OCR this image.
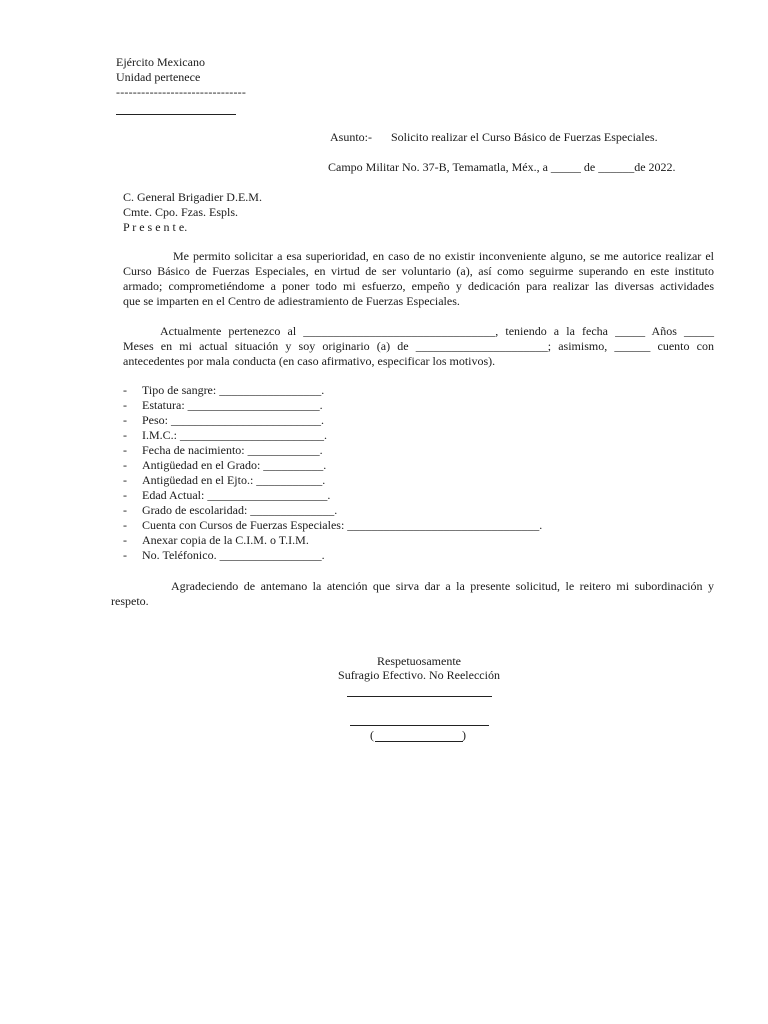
Ejército Mexicano
Unidad pertenece
-------------------------------
Asunto:- Solicito realizar el Curso Básico de Fuerzas Especiales.
Campo Militar No. 37-B, Temamatla, Méx., a _____ de ______de 2022.
C. General Brigadier D.E.M.
Cmte. Cpo. Fzas. Espls.
P r e s e n t e.
Me permito solicitar a esa superioridad, en caso de no existir inconveniente alguno, se me autorice realizar el
Curso Básico de Fuerzas Especiales, en virtud de ser voluntario (a), así como seguirme superando en este instituto
armado; comprometiéndome a poner todo mi esfuerzo, empeño y dedicación para realizar las diversas actividades
que se imparten en el Centro de adiestramiento de Fuerzas Especiales.
Actualmente pertenezco al ________________________________, teniendo a la fecha _____ Años _____
Meses en mi actual situación y soy originario (a) de ______________________; asimismo, ______ cuento con
antecedentes por mala conducta (en caso afirmativo, especificar los motivos).
- Tipo de sangre: _________________.
- Estatura: ______________________.
- Peso: _________________________.
- I.M.C.: ________________________.
- Fecha de nacimiento: ____________.
- Antigüedad en el Grado: __________.
- Antigüedad en el Ejto.: ___________.
- Edad Actual: ____________________.
- Grado de escolaridad: ______________.
- Cuenta con Cursos de Fuerzas Especiales: ________________________________.
- Anexar copia de la C.I.M. o T.I.M.
- No. Teléfonico. _________________.
Agradeciendo de antemano la atención que sirva dar a la presente solicitud, le reitero mi subordinación y
respeto.
Respetuosamente
Sufragio Efectivo. No Reelección
(	)
